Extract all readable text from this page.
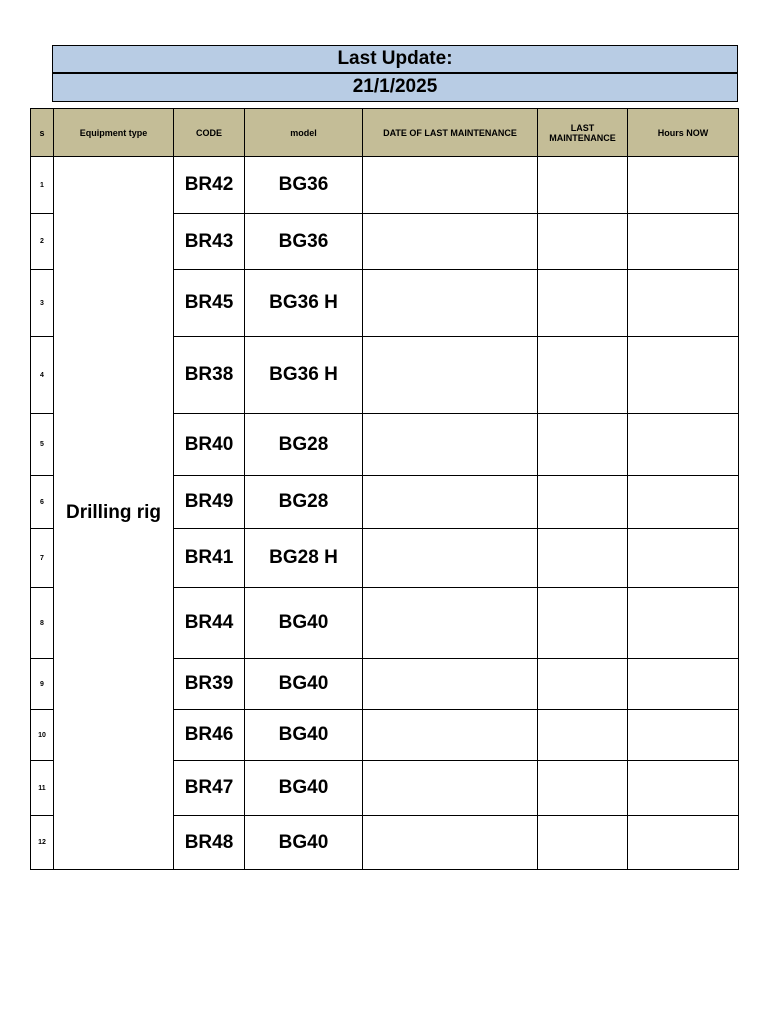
Last Update:
21/1/2025
s	Equipment type	CODE	model	DATE OF LAST MAINTENANCE	LAST MAINTENANCE	Hours NOW
1	Drilling rig	BR42	BG36			
2		BR43	BG36			
3		BR45	BG36 H			
4		BR38	BG36 H			
5		BR40	BG28			
6		BR49	BG28			
7		BR41	BG28 H			
8		BR44	BG40			
9		BR39	BG40			
10		BR46	BG40			
11		BR47	BG40			
12		BR48	BG40			
